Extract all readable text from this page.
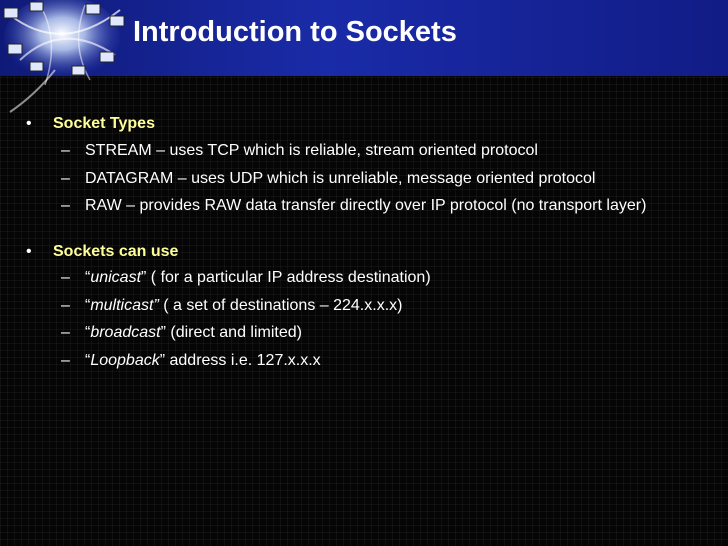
Introduction to Sockets
• Socket Types
– STREAM – uses TCP which is reliable, stream oriented protocol
– DATAGRAM – uses UDP which is unreliable, message oriented protocol
– RAW – provides RAW data transfer directly over IP protocol (no transport layer)
• Sockets can use
– “unicast” ( for a particular IP address destination)
– “multicast” ( a set of destinations – 224.x.x.x)
– “broadcast” (direct and limited)
– “Loopback” address i.e. 127.x.x.x
